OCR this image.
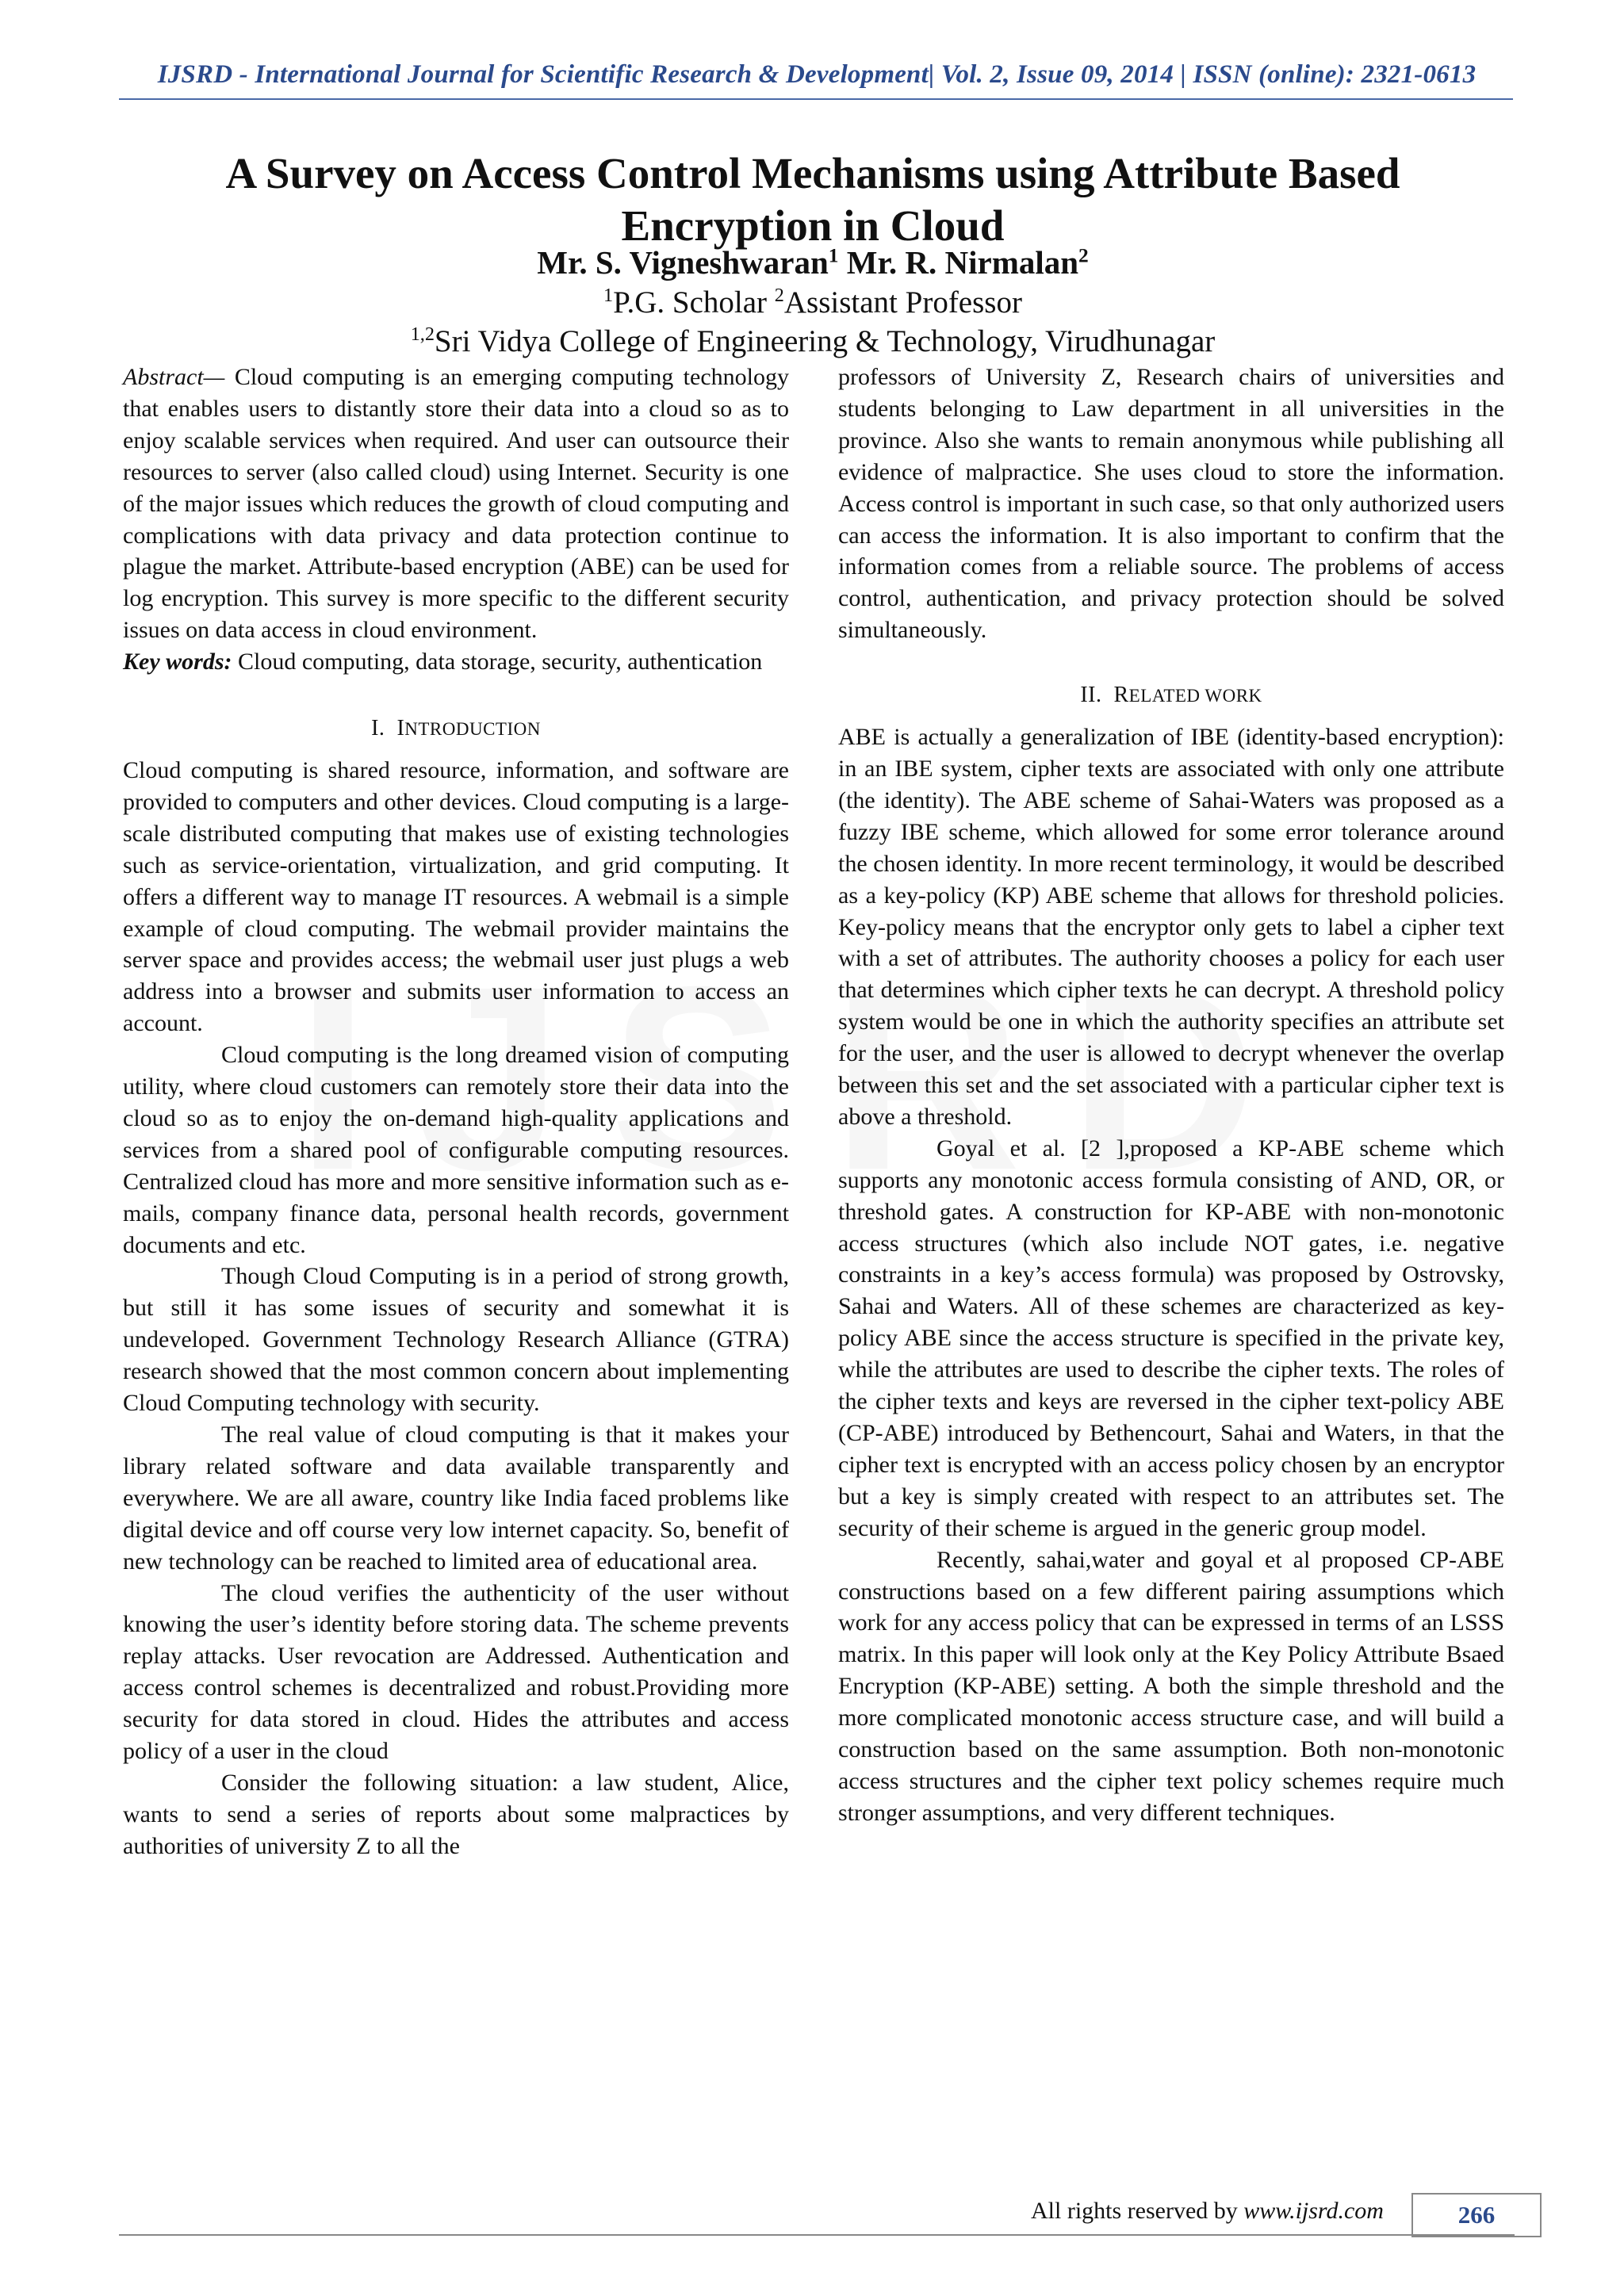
IJSRD - International Journal for Scientific Research & Development| Vol. 2, Issue 09, 2014 | ISSN (online): 2321-0613
A Survey on Access Control Mechanisms using Attribute Based Encryption in Cloud
Mr. S. Vigneshwaran$^1$ Mr. R. Nirmalan$^2$
$^1$P.G. Scholar $^2$Assistant Professor
$^{1,2}$Sri Vidya College of Engineering & Technology, Virudhunagar

Abstract— Cloud computing is an emerging computing technology that enables users to distantly store their data into a cloud so as to enjoy scalable services when required. And user can outsource their resources to server (also called cloud) using Internet. Security is one of the major issues which reduces the growth of cloud computing and complications with data privacy and data protection continue to plague the market. Attribute-based encryption (ABE) can be used for log encryption. This survey is more specific to the different security issues on data access in cloud environment.

Key words: Cloud computing, data storage, security, authentication

I. INTRODUCTION

Cloud computing is shared resource, information, and software are provided to computers and other devices. Cloud computing is a large-scale distributed computing that makes use of existing technologies such as service-orientation, virtualization, and grid computing. It offers a different way to manage IT resources. A webmail is a simple example of cloud computing. The webmail provider maintains the server space and provides access; the webmail user just plugs a web address into a browser and submits user information to access an account.

Cloud computing is the long dreamed vision of computing utility, where cloud customers can remotely store their data into the cloud so as to enjoy the on-demand high-quality applications and services from a shared pool of configurable computing resources. Centralized cloud has more and more sensitive information such as e-mails, company finance data, personal health records, government documents and etc.

Though Cloud Computing is in a period of strong growth, but still it has some issues of security and somewhat it is undeveloped. Government Technology Research Alliance (GTRA) research showed that the most common concern about implementing Cloud Computing technology with security.

The real value of cloud computing is that it makes your library related software and data available transparently and everywhere. We are all aware, country like India faced problems like digital device and off course very low internet capacity. So, benefit of new technology can be reached to limited area of educational area.

The cloud verifies the authenticity of the user without knowing the user’s identity before storing data. The scheme prevents replay attacks. User revocation are Addressed. Authentication and access control schemes is decentralized and robust.Providing more security for data stored in cloud. Hides the attributes and access policy of a user in the cloud

Consider the following situation: a law student, Alice, wants to send a series of reports about some malpractices by authorities of university Z to all the

professors of University Z, Research chairs of universities and students belonging to Law department in all universities in the province. Also she wants to remain anonymous while publishing all evidence of malpractice. She uses cloud to store the information. Access control is important in such case, so that only authorized users can access the information. It is also important to confirm that the information comes from a reliable source. The problems of access control, authentication, and privacy protection should be solved simultaneously.

II. RELATED WORK

ABE is actually a generalization of IBE (identity-based encryption): in an IBE system, cipher texts are associated with only one attribute (the identity). The ABE scheme of Sahai-Waters was proposed as a fuzzy IBE scheme, which allowed for some error tolerance around the chosen identity. In more recent terminology, it would be described as a key-policy (KP) ABE scheme that allows for threshold policies. Key-policy means that the encryptor only gets to label a cipher text with a set of attributes. The authority chooses a policy for each user that determines which cipher texts he can decrypt. A threshold policy system would be one in which the authority specifies an attribute set for the user, and the user is allowed to decrypt whenever the overlap between this set and the set associated with a particular cipher text is above a threshold.

Goyal et al. [2 ],proposed a KP-ABE scheme which supports any monotonic access formula consisting of AND, OR, or threshold gates. A construction for KP-ABE with non-monotonic access structures (which also include NOT gates, i.e. negative constraints in a key’s access formula) was proposed by Ostrovsky, Sahai and Waters. All of these schemes are characterized as key-policy ABE since the access structure is specified in the private key, while the attributes are used to describe the cipher texts. The roles of the cipher texts and keys are reversed in the cipher text-policy ABE (CP-ABE) introduced by Bethencourt, Sahai and Waters, in that the cipher text is encrypted with an access policy chosen by an encryptor but a key is simply created with respect to an attributes set. The security of their scheme is argued in the generic group model.

Recently, sahai,water and goyal et al proposed CP-ABE constructions based on a few different pairing assumptions which work for any access policy that can be expressed in terms of an LSSS matrix. In this paper will look only at the Key Policy Attribute Bsaed Encryption (KP-ABE) setting. A both the simple threshold and the more complicated monotonic access structure case, and will build a construction based on the same assumption. Both non-monotonic access structures and the cipher text policy schemes require much stronger assumptions, and very different techniques.

All rights reserved by www.ijsrd.com	266
